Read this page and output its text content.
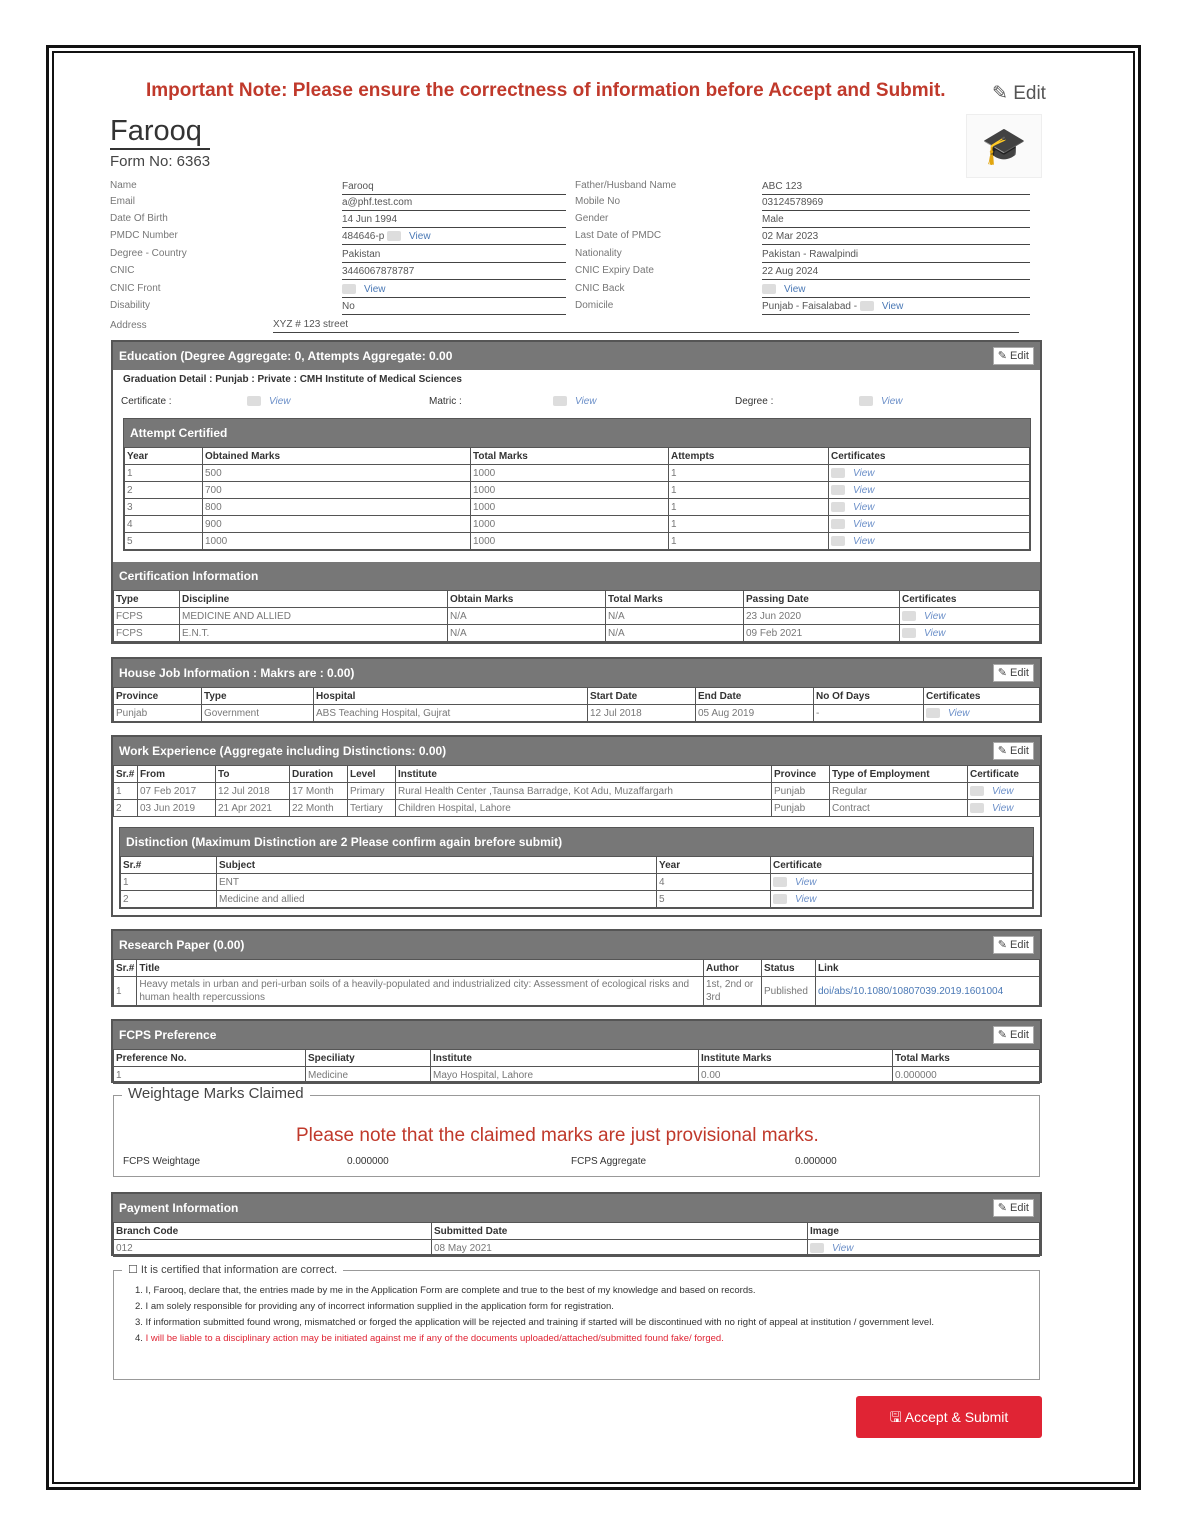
Important Note: Please ensure the correctness of information before Accept and Submit. ✎ Edit
Farooq
Form No: 6363	🎓
Name	Farooq
Email	a@phf.test.com
Date Of Birth	14 Jun 1994
PMDC Number	484646-p View
Degree - Country	Pakistan
CNIC	3446067878787
CNIC Front	View
Disability	No
Father/Husband Name	ABC 123
Mobile No	03124578969
Gender	Male
Last Date of PMDC	02 Mar 2023
Nationality	Pakistan - Rawalpindi
CNIC Expiry Date	22 Aug 2024
CNIC Back	View
Domicile	Punjab - Faisalabad - View
Address	XYZ # 123 street
Education (Degree Aggregate: 0, Attempts Aggregate: 0.00	✎ Edit
Graduation Detail : Punjab : Private : CMH Institute of Medical Sciences
Certificate :	View	Matric :	View	Degree :	View
Attempt Certified
Year	Obtained Marks	Total Marks	Attempts	Certificates
1	500	1000	1	View
2	700	1000	1	View
3	800	1000	1	View
4	900	1000	1	View
5	1000	1000	1	View
Certification Information
Type	Discipline	Obtain Marks	Total Marks	Passing Date	Certificates
FCPS	MEDICINE AND ALLIED	N/A	N/A	23 Jun 2020	View
FCPS	E.N.T.	N/A	N/A	09 Feb 2021	View
House Job Information : Makrs are : 0.00)	✎ Edit
Province	Type	Hospital	Start Date	End Date	No Of Days	Certificates
Punjab	Government	ABS Teaching Hospital, Gujrat	12 Jul 2018	05 Aug 2019	-	View
Work Experience (Aggregate including Distinctions: 0.00)	✎ Edit
Sr.#	From	To	Duration	Level	Institute	Province	Type of Employment	Certificate
1	07 Feb 2017	12 Jul 2018	17 Month	Primary	Rural Health Center ,Taunsa Barradge, Kot Adu, Muzaffargarh	Punjab	Regular	View
2	03 Jun 2019	21 Apr 2021	22 Month	Tertiary	Children Hospital, Lahore	Punjab	Contract	View
Distinction (Maximum Distinction are 2 Please confirm again brefore submit)
Sr.#	Subject	Year	Certificate
1	ENT	4	View
2	Medicine and allied	5	View
Research Paper (0.00)	✎ Edit
Sr.#	Title	Author	Status	Link
1	Heavy metals in urban and peri-urban soils of a heavily-populated and industrialized city: Assessment of ecological risks and human health repercussions	1st, 2nd or 3rd	Published	doi/abs/10.1080/10807039.2019.1601004
FCPS Preference	✎ Edit
Preference No.	Speciliaty	Institute	Institute Marks	Total Marks
1	Medicine	Mayo Hospital, Lahore	0.00	0.000000
Weightage Marks Claimed
Please note that the claimed marks are just provisional marks.
FCPS Weightage	0.000000	FCPS Aggregate	0.000000
Payment Information	✎ Edit
Branch Code	Submitted Date	Image
012	08 May 2021	View
☐ It is certified that information are correct.
1. I, Farooq, declare that, the entries made by me in the Application Form are complete and true to the best of my knowledge and based on records.
2. I am solely responsible for providing any of incorrect information supplied in the application form for registration.
3. If information submitted found wrong, mismatched or forged the application will be rejected and training if started will be discontinued with no right of appeal at institution / government level.
4. I will be liable to a disciplinary action may be initiated against me if any of the documents uploaded/attached/submitted found fake/ forged.
🖫 Accept & Submit
